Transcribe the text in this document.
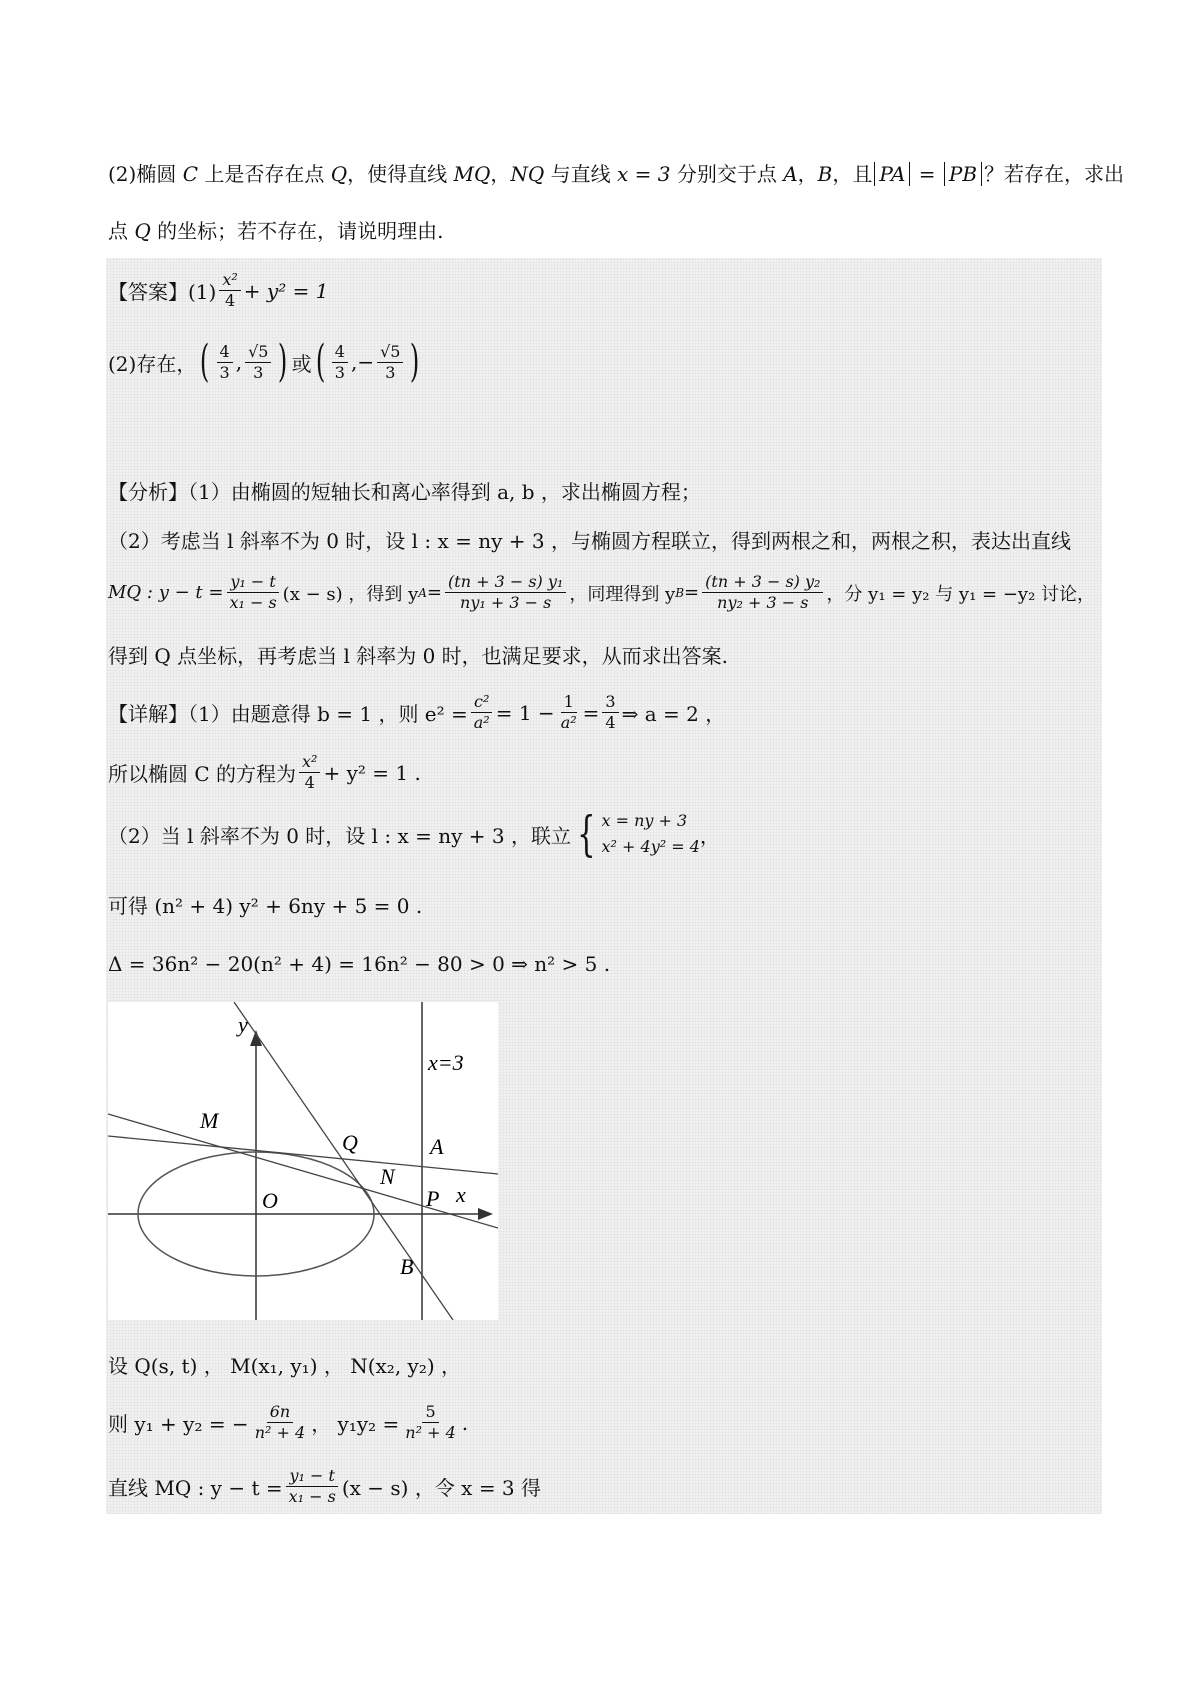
(2)椭圆 C 上是否存在点 Q，使得直线 MQ，NQ 与直线 x = 3 分别交于点 A，B，且 PA = PB ？若存在，求出
点 Q 的坐标；若不存在，请说明理由.
【答案】$(1) \frac{\text{x²}}{4} + y^2 = 1$
(2)存在， ( $\frac{4}{3}$ , $\frac{√5}{3}$ ) 或 ( $\frac{4}{3}$ , − $\frac{√5}{3}$ )
【分析】（1）由椭圆的短轴长和离心率得到 a, b ，求出椭圆方程；
（2）考虑当 l 斜率不为 0 时，设 l : x = ny + 3 ，与椭圆方程联立，得到两根之和，两根之积，表达出直线
MQ : $y - t = \frac{\text{y₁ − t}}{\text{x₁ − s}} (x - s)$ ，得到 y $A = \frac{\text{(tn + 3 − s) y₁}}{\text{ny₁ + 3 − s}}$ ，同理得到 y $B = \frac{\text{(tn + 3 − s) y₂}}{\text{ny₂ + 3 − s}}$ ，分 y₁ = y₂ 与 y₁ = −y₂ 讨论，
得到 Q 点坐标，再考虑当 l 斜率为 0 时，也满足要求，从而求出答案.
【详解】（1）由题意得 b = 1 ，则 $e^2 = \frac{\text{c²}}{\text{a²}} = 1 - \frac{1}{\text{a²}} = \frac{3}{4}$ ⇒ a = 2 ，
所以椭圆 C 的方程为 $\frac{\text{x²}}{4} + y^2 = 1$ .
（2）当 l 斜率不为 0 时，设 l : x = ny + 3 ，联立 { x = ny + 3
x² + 4y² = 4 ，
可得 (n² + 4) y² + 6ny + 5 = 0 .
Δ = 36n² − 20(n² + 4) = 16n² − 80 > 0 ⇒ n² > 5 .
y
x
x=3
M
Q	A
N
O	P
B
设 Q(s, t) ， M(x₁, y₁) ， N(x₂, y₂) ，
则 y₁ + y₂ = − $\frac{6n}{\text{n² + 4}}$ ， $y_1y_2 = \frac{5}{\text{n² + 4}}$ .
直线 MQ : $y - t = \frac{\text{y₁ − t}}{\text{x₁ − s}} (x - s)$ ，令 x = 3 得
